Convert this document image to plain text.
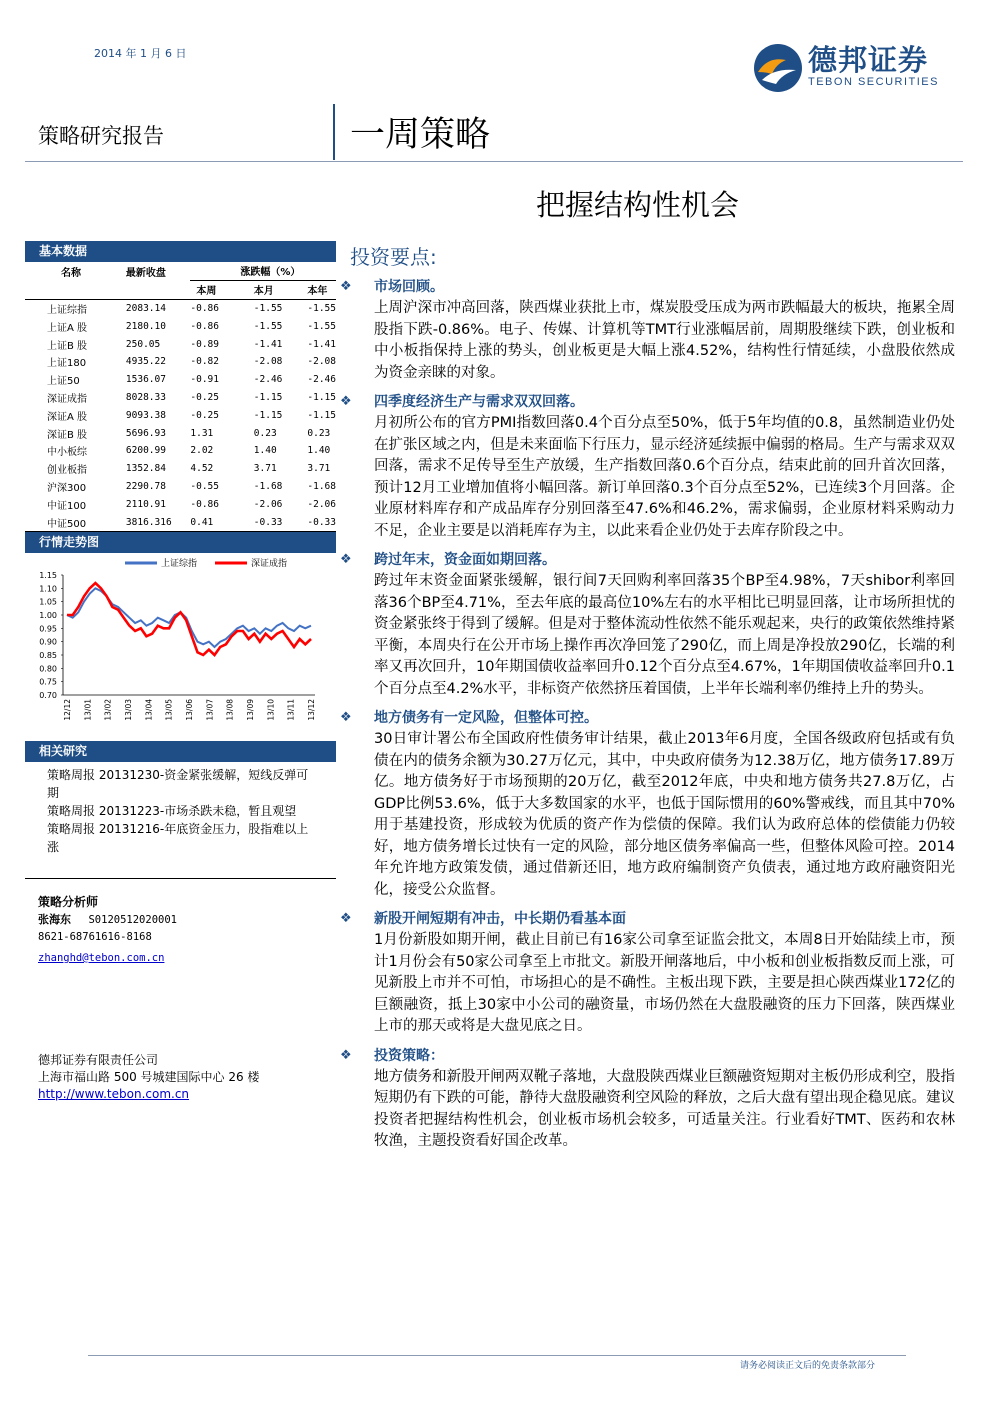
2014 年 1 月 6 日	德邦证券
TEBON SECURITIES
策略研究报告	一周策略
把握结构性机会
基本数据
名称	最新收盘	涨跌幅（%）		
		本周	本月	本年
上证综指	2083.14	-0.86	-1.55	-1.55
上证A 股	2180.10	-0.86	-1.55	-1.55
上证B 股	250.05	-0.89	-1.41	-1.41
上证180	4935.22	-0.82	-2.08	-2.08
上证50	1536.07	-0.91	-2.46	-2.46
深证成指	8028.33	-0.25	-1.15	-1.15
深证A 股	9093.38	-0.25	-1.15	-1.15
深证B 股	5696.93	1.31	0.23	0.23
中小板综	6200.99	2.02	1.40	1.40
创业板指	1352.84	4.52	3.71	3.71
沪深300	2290.78	-0.55	-1.68	-1.68
中证100	2110.91	-0.86	-2.06	-2.06
中证500	3816.316	0.41	-0.33	-0.33
行情走势图
1.15
1.10
1.05
1.00
0.95
0.90
0.85
0.80
0.75
0.70
12/12 13/01 13/02 13/03 13/04 13/05 13/06 13/07 13/08 13/09 13/10 13/11 13/12
上证综指	深证成指
相关研究
策略周报 20131230-资金紧张缓解，短线反弹可期
策略周报 20131223-市场杀跌未稳，暂且观望
策略周报 20131216-年底资金压力，股指难以上涨
策略分析师
张海东 S0120512020001
8621-68761616-8168
zhanghd@tebon.com.cn
德邦证券有限责任公司
上海市福山路 500 号城建国际中心 26 楼
http://www.tebon.com.cn
投资要点:
❖ 市场回顾。
上周沪深市冲高回落，陕西煤业获批上市，煤炭股受压成为两市跌幅最大的板块，拖累全周股指下跌-0.86%。电子、传媒、计算机等TMT行业涨幅居前，周期股继续下跌，创业板和中小板指保持上涨的势头，创业板更是大幅上涨4.52%，结构性行情延续，小盘股依然成为资金亲睐的对象。
❖ 四季度经济生产与需求双双回落。
月初所公布的官方PMI指数回落0.4个百分点至50%，低于5年均值的0.8，虽然制造业仍处在扩张区域之内，但是未来面临下行压力，显示经济延续振中偏弱的格局。生产与需求双双回落，需求不足传导至生产放缓，生产指数回落0.6个百分点，结束此前的回升首次回落，预计12月工业增加值将小幅回落。新订单回落0.3个百分点至52%，已连续3个月回落。企业原材料库存和产成品库存分别回落至47.6%和46.2%，需求偏弱，企业原材料采购动力不足，企业主要是以消耗库存为主，以此来看企业仍处于去库存阶段之中。
❖ 跨过年末，资金面如期回落。
跨过年末资金面紧张缓解，银行间7天回购利率回落35个BP至4.98%，7天shibor利率回落36个BP至4.71%，至去年底的最高位10%左右的水平相比已明显回落，让市场所担忧的资金紧张终于得到了缓解。但是对于整体流动性依然不能乐观起来，央行的政策依然维持紧平衡，本周央行在公开市场上操作再次净回笼了290亿，而上周是净投放290亿，长端的利率又再次回升，10年期国债收益率回升0.12个百分点至4.67%，1年期国债收益率回升0.1个百分点至4.2%水平，非标资产依然挤压着国债，上半年长端利率仍维持上升的势头。
❖ 地方债务有一定风险，但整体可控。
30日审计署公布全国政府性债务审计结果，截止2013年6月度，全国各级政府包括或有负债在内的债务余额为30.27万亿元，其中，中央政府债务为12.38万亿，地方债务17.89万亿。地方债务好于市场预期的20万亿，截至2012年底，中央和地方债务共27.8万亿，占GDP比例53.6%，低于大多数国家的水平，也低于国际惯用的60%警戒线，而且其中70%用于基建投资，形成较为优质的资产作为偿债的保障。我们认为政府总体的偿债能力仍较好，地方债务增长过快有一定的风险，部分地区债务率偏高一些，但整体风险可控。2014年允许地方政策发债，通过借新还旧，地方政府编制资产负债表，通过地方政府融资阳光化，接受公众监督。
❖ 新股开闸短期有冲击，中长期仍看基本面
1月份新股如期开闸，截止目前已有16家公司拿至证监会批文，本周8日开始陆续上市，预计1月份会有50家公司拿至上市批文。新股开闸落地后，中小板和创业板指数反而上涨，可见新股上市并不可怕，市场担心的是不确性。主板出现下跌，主要是担心陕西煤业172亿的巨额融资，抵上30家中小公司的融资量，市场仍然在大盘股融资的压力下回落，陕西煤业上市的那天或将是大盘见底之日。
❖ 投资策略：
地方债务和新股开闸两双靴子落地，大盘股陕西煤业巨额融资短期对主板仍形成利空，股指短期仍有下跌的可能，静待大盘股融资利空风险的释放，之后大盘有望出现企稳见底。建议投资者把握结构性机会，创业板市场机会较多，可适量关注。行业看好TMT、医药和农林牧渔，主题投资看好国企改革。
请务必阅读正文后的免责条款部分
